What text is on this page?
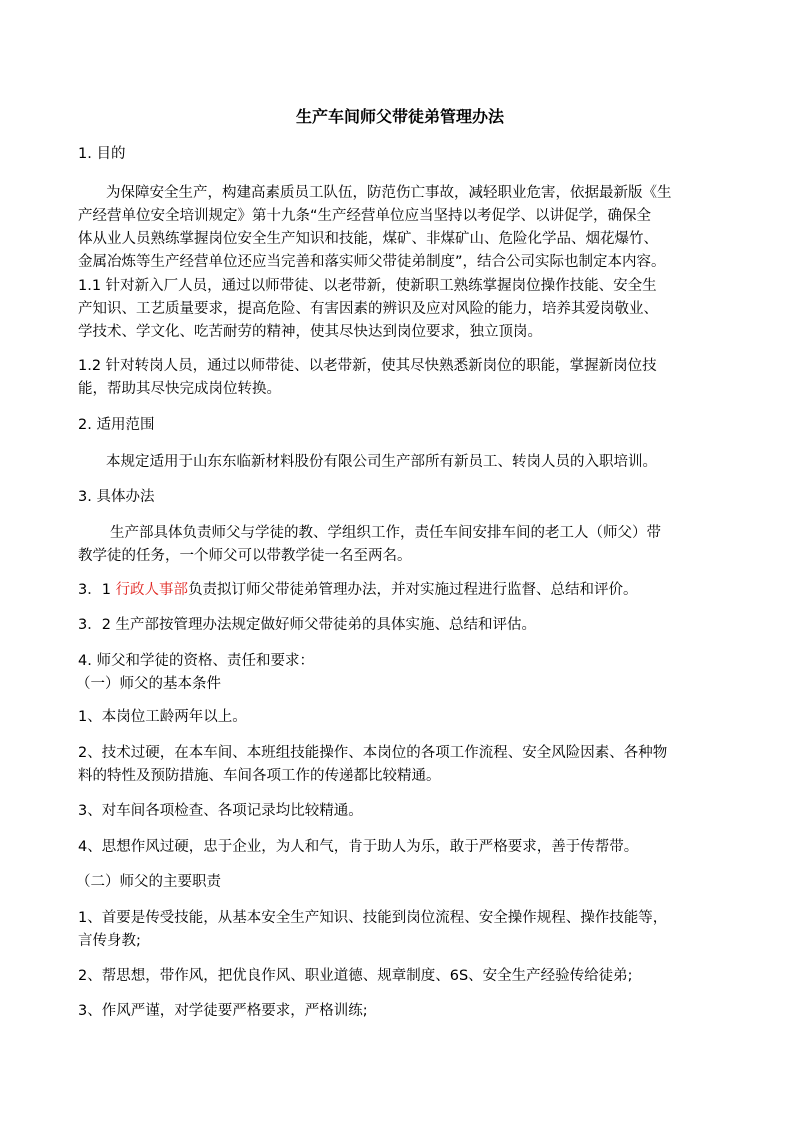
生产车间师父带徒弟管理办法
1. 目的
为保障安全生产，构建高素质员工队伍，防范伤亡事故，减轻职业危害，依据最新版《生
产经营单位安全培训规定》第十九条“生产经营单位应当坚持以考促学、以讲促学，确保全
体从业人员熟练掌握岗位安全生产知识和技能，煤矿、非煤矿山、危险化学品、烟花爆竹、
金属冶炼等生产经营单位还应当完善和落实师父带徒弟制度”，结合公司实际也制定本内容。
1.1 针对新入厂人员，通过以师带徒、以老带新，使新职工熟练掌握岗位操作技能、安全生
产知识、工艺质量要求，提高危险、有害因素的辨识及应对风险的能力，培养其爱岗敬业、
学技术、学文化、吃苦耐劳的精神，使其尽快达到岗位要求，独立顶岗。
1.2 针对转岗人员，通过以师带徒、以老带新，使其尽快熟悉新岗位的职能，掌握新岗位技
能，帮助其尽快完成岗位转换。
2. 适用范围
本规定适用于山东东临新材料股份有限公司生产部所有新员工、转岗人员的入职培训。
3. 具体办法
生产部具体负责师父与学徒的教、学组织工作，责任车间安排车间的老工人（师父）带
教学徒的任务，一个师父可以带教学徒一名至两名。
3．1 行政人事部负责拟订师父带徒弟管理办法，并对实施过程进行监督、总结和评价。
3．2 生产部按管理办法规定做好师父带徒弟的具体实施、总结和评估。
4. 师父和学徒的资格、责任和要求：
（一）师父的基本条件
1、本岗位工龄两年以上。
2、技术过硬，在本车间、本班组技能操作、本岗位的各项工作流程、安全风险因素、各种物
料的特性及预防措施、车间各项工作的传递都比较精通。
3、对车间各项检查、各项记录均比较精通。
4、思想作风过硬，忠于企业，为人和气，肯于助人为乐，敢于严格要求，善于传帮带。
（二）师父的主要职责
1、首要是传受技能，从基本安全生产知识、技能到岗位流程、安全操作规程、操作技能等，
言传身教;
2、帮思想，带作风，把优良作风、职业道德、规章制度、6S、安全生产经验传给徒弟;
3、作风严谨，对学徒要严格要求，严格训练;
